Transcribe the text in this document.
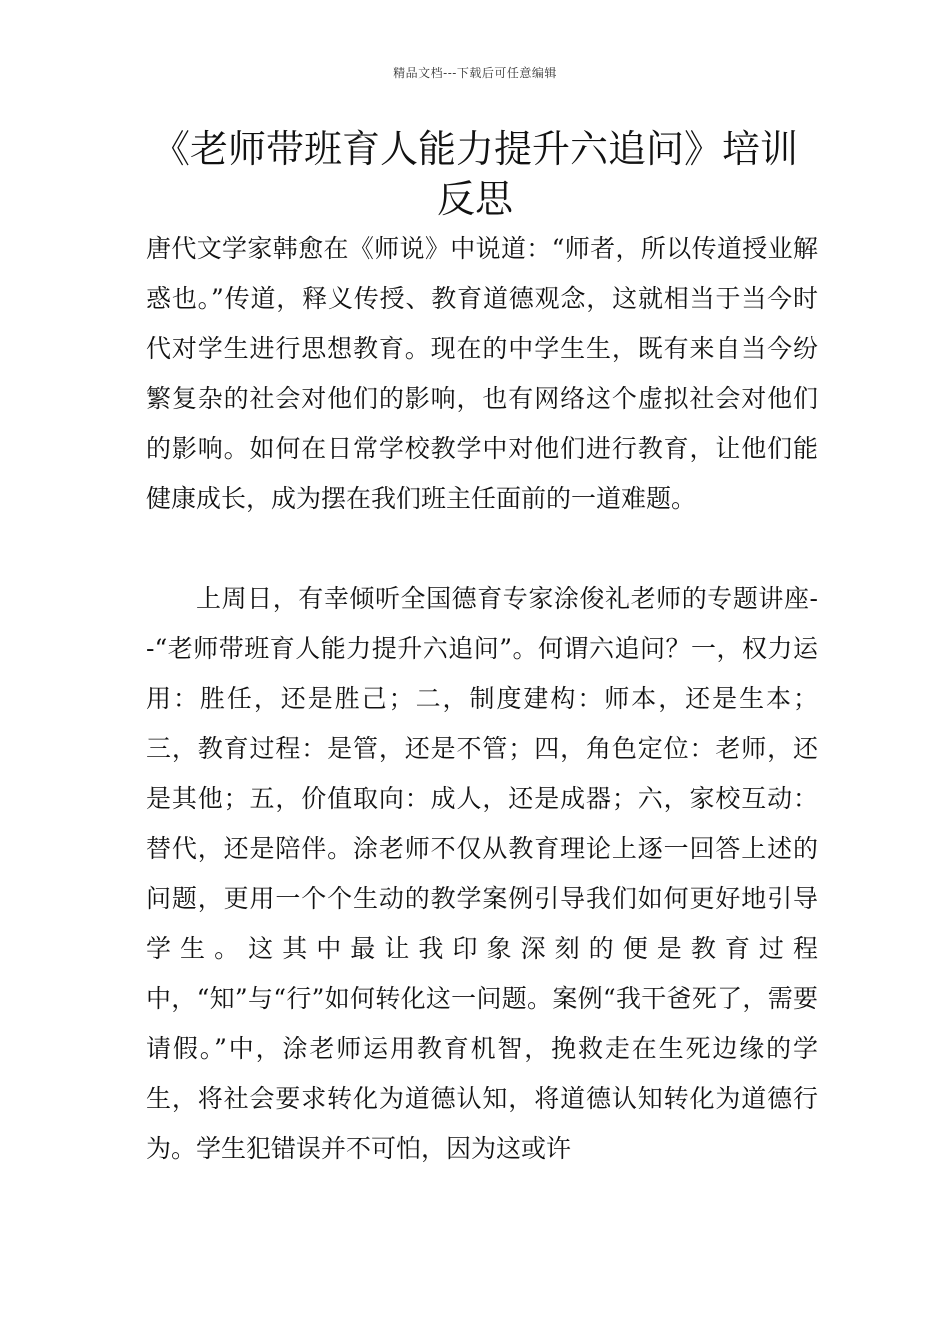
精品文档---下载后可任意编辑
《老师带班育人能力提升六追问》培训反思

唐代文学家韩愈在《师说》中说道：“师者，所以传道授业解惑也。”传道，释义传授、教育道德观念，这就相当于当今时代对学生进行思想教育。现在的中学生生，既有来自当今纷繁复杂的社会对他们的影响，也有网络这个虚拟社会对他们的影响。如何在日常学校教学中对他们进行教育，让他们能健康成长，成为摆在我们班主任面前的一道难题。

上周日，有幸倾听全国德育专家涂俊礼老师的专题讲座--“老师带班育人能力提升六追问”。何谓六追问？一，权力运用：胜任，还是胜己；二，制度建构：师本，还是生本；三，教育过程：是管，还是不管；四，角色定位：老师，还是其他；五，价值取向：成人，还是成器；六，家校互动：替代，还是陪伴。涂老师不仅从教育理论上逐一回答上述的问题，更用一个个生动的教学案例引导我们如何更好地引导学生。这其中最让我印象深刻的便是教育过程中，“知”与“行”如何转化这一问题。案例“我干爸死了，需要请假。”中，涂老师运用教育机智，挽救走在生死边缘的学生，将社会要求转化为道德认知，将道德认知转化为道德行为。学生犯错误并不可怕，因为这或许
